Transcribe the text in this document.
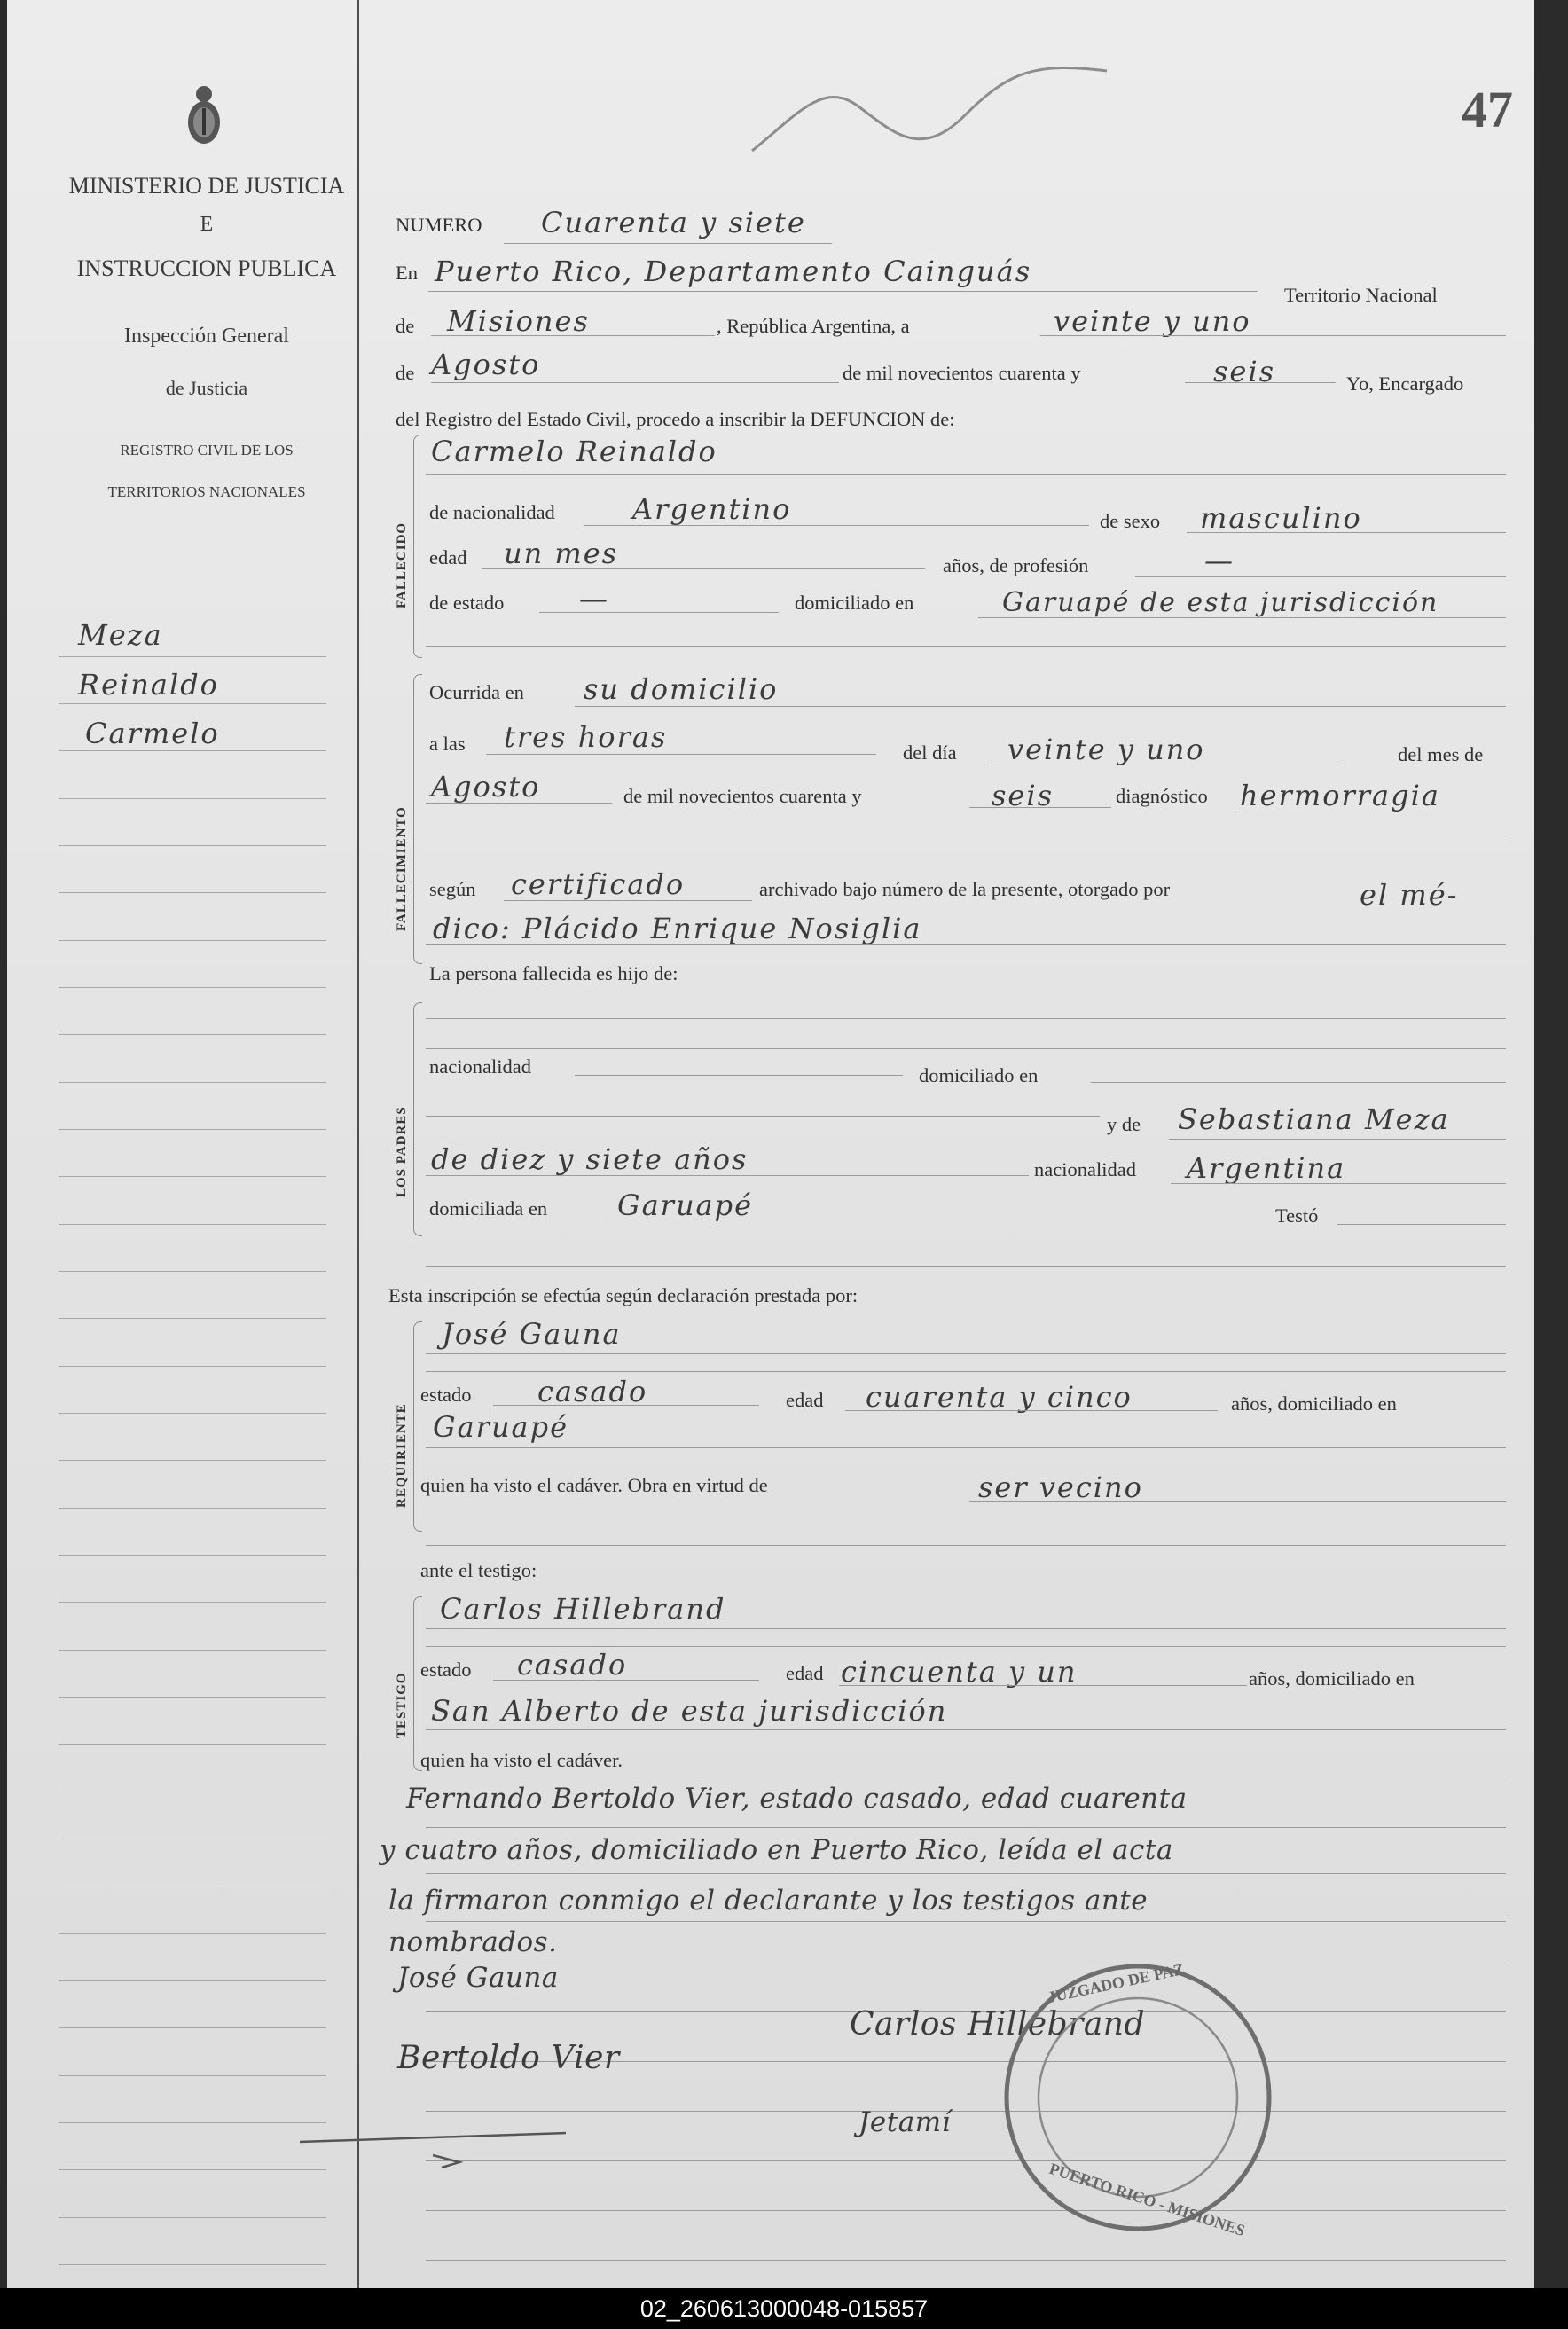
MINISTERIO DE JUSTICIA
E
INSTRUCCION PUBLICA
Inspección General
de Justicia
REGISTRO CIVIL DE LOS
TERRITORIOS NACIONALES
47
Meza
Reinaldo
Carmelo
NUMERO Cuarenta y siete
En Puerto Rico, Departamento Cainguás
Territorio Nacional
de Misiones	, República Argentina, a	veinte y uno
de Agosto	de mil novecientos cuarenta y	seis	Yo, Encargado
del Registro del Estado Civil, procedo a inscribir la DEFUNCION de:
FALLECIDO
Carmelo Reinaldo
de nacionalidad	Argentino	de sexo masculino
edad un mes	años, de profesión	—
de estado	—	domiciliado en	Garuapé de esta jurisdicción
FALLECIMIENTO
Ocurrida en su domicilio
a las tres horas	del día veinte y uno	del mes de
Agosto	de mil novecientos cuarenta y	seis	diagnóstico hermorragia
según certificado	archivado bajo número de la presente, otorgado por	el mé-
dico: Plácido Enrique Nosiglia
La persona fallecida es hijo de:
LOS PADRES
nacionalidad	domiciliado en
y de Sebastiana Meza
de diez y siete años	nacionalidad Argentina
domiciliada en Garuapé	Testó
Esta inscripción se efectúa según declaración prestada por:
REQUIRIENTE
José Gauna
estado casado	edad cuarenta y cinco	años, domiciliado en
Garuapé
quien ha visto el cadáver. Obra en virtud de	ser vecino
ante el testigo:
TESTIGO
Carlos Hillebrand
estado casado	edad cincuenta y un	años, domiciliado en
San Alberto de esta jurisdicción
quien ha visto el cadáver.
Fernando Bertoldo Vier, estado casado, edad cuarenta
y cuatro años, domiciliado en Puerto Rico, leída el acta
la firmaron conmigo el declarante y los testigos ante
nombrados.
José Gauna
Carlos Hillebrand
Bertoldo Vier
Jetamí
JUZGADO DE PAZ
PUERTO RICO - MISIONES
02_260613000048-015857
